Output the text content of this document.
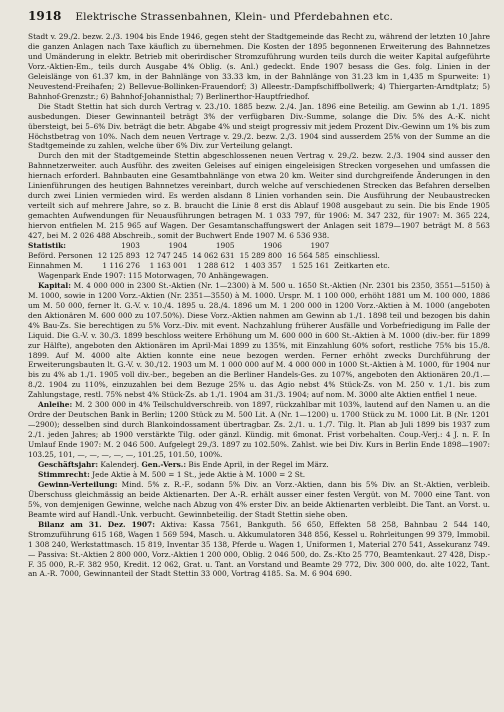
1918 Elektrische Strassenbahnen, Klein- und Pferdebahnen etc.

Stadt v. 29./2. bezw. 2./3. 1904 bis Ende 1946, gegen steht der Stadtgemeinde das Recht zu, während der letzten 10 Jahre die ganzen Anlagen nach Taxe käuflich zu übernehmen. Die Kosten der 1895 begonnenen Erweiterung des Bahnnetzes und Umänderung in elektr. Betrieb mit oberirdischer Stromzuführung wurden teils durch die weiter Kapital aufgeführte Vorz.-Aktien-Em., teils durch Ausgabe 4% Oblig. (s. Anl.) gedeckt. Ende 1907 besass die Ges. folg. Linien in der Geleislänge von 61.37 km, in der Bahnlänge von 33.33 km, in der Bahnlänge von 31.23 km in 1,435 m Spurweite: 1) Neuvestend-Freihafen; 2) Bellevue-Bollinken-Frauendorf; 3) Alleestr.-Dampfschiffbollwerk; 4) Thiergarten-Arndtplatz; 5) Bahnhof-Grenzstr.; 6) Bahnhof-Johannisthal; 7) Berlinerthor-Hauptfriedhof.

Die Stadt Stettin hat sich durch Vertrag v. 23./10. 1885 bezw. 2./4. Jan. 1896 eine Beteilig. am Gewinn ab 1./1. 1895 ausbedungen. Dieser Gewinnanteil beträgt 3% der verfügbaren Div.-Summe, solange die Div. 5% des A.-K. nicht übersteigt, bei 5–6% Div. beträgt die betr. Abgabe 4% und steigt progressiv mit jedem Prozent Div.-Gewinn um 1% bis zum Höchstbetrag von 10%. Nach dem neuen Vertrage v. 29./2. bezw. 2./3. 1904 sind ausserdem 25% von der Summe an die Stadtgemeinde zu zahlen, welche über 6% Div. zur Verteilung gelangt.

Durch den mit der Stadtgemeinde Stettin abgeschlossenen neuen Vertrag v. 29./2. bezw. 2./3. 1904 sind ausser den Bahnnetzerweiter. auch Ausführ. des zweiten Geleises auf einigen eingeleisigen Strecken vorgesehen und umfassen die hiernach erforderl. Bahnbauten eine Gesamtbahnlänge von etwa 20 km. Weiter sind durchgreifende Änderungen in den Linienführungen des heutigen Bahnnetzes vereinbart, durch welche auf verschiedenen Strecken das Befahren derselben durch zwei Linien vermieden wird. Es werden alsdann 8 Linien vorhanden sein. Die Ausführung der Neubaustrecken verteilt sich auf mehrere Jahre, so z. B. braucht die Linie 8 erst dis Ablauf 1908 ausgebaut zu sein. Die bis Ende 1905 gemachten Aufwendungen für Neuausführungen betragen M. 1 033 797, für 1906: M. 347 232, für 1907: M. 365 224, hiervon entfielen M. 215 965 auf Wagen. Der Gesamtanschaffungswert der Anlagen seit 1879—1907 beträgt M. 8 563 427, bei M. 2 026 488 Abschreib., somit der Buchwert Ende 1907 M. 6 536 938.

Statistik:	1903	1904	1905	1906	1907	
Beförd. Personen	12 125 893	12 747 245	14 062 631	15 289 800	16 564 585	einschliessl.
Einnahmen M.	1 116 276	1 163 001	1 288 612	1 403 357	1 525 161	Zeitkarten etc.

Wagenpark Ende 1907: 115 Motorwagen, 70 Anhängewagen.

Kapital: M. 4 000 000 in 2300 St.-Aktien (Nr. 1—2300) à M. 500 u. 1650 St.-Aktien (Nr. 2301 bis 2350, 3551—5150) à M. 1000, sowie in 1200 Vorz.-Aktien (Nr. 2351—3550) à M. 1000. Urspr. M. 1 100 000, erhöht 1881 um M. 100 000, 1886 um M. 50 000, ferner lt. G.-V. v. 10./4. 1895 u. 28./4. 1896 um M. 1 200 000 in 1200 Vorz.-Aktien à M. 1000 (angeboten den Aktionären M. 600 000 zu 107.50%). Diese Vorz.-Aktien nahmen am Gewinn ab 1./1. 1898 teil und bezogen bis dahin 4% Bau-Zs. Sie berechtigen zu 5% Vorz.-Div. mit event. Nachzahlung früherer Ausfälle und Vorbefriedigung im Falle der Liquid. Die G.-V. v. 30./3. 1899 beschloss weitere Erhöhung um M. 600 000 in 600 St.-Aktien à M. 1000 (div.-ber. für 1899 zur Hälfte), angeboten den Aktionären im April-Mai 1899 zu 135%, mit Einzahlung 60% sofort, restliche 75% bis 15./8. 1899. Auf M. 4000 alte Aktien konnte eine neue bezogen werden. Ferner erhöht zwecks Durchführung der Erweiterungsbauten lt. G.-V. v. 30./12. 1903 um M. 1 000 000 auf M. 4 000 000 in 1000 St.-Aktien à M. 1000, für 1904 nur bis zu 4% ab 1./1. 1905 voll div.-ber., begeben an die Berliner Handels-Ges. zu 107%, angeboten den Aktionären 20./1.—8./2. 1904 zu 110%, einzuzahlen bei dem Bezuge 25% u. das Agio nebst 4% Stück-Zs. von M. 250 v. 1./1. bis zum Zahlungstage, restl. 75% nebst 4% Stück-Zs. ab 1./1. 1904 am 31./3. 1904; auf nom. M. 3000 alte Aktien entfiel 1 neue.

Anleihe: M. 2 300 000 in 4% Teilschuldverschreib. von 1897, rückzahlbar mit 103%, lautend auf den Namen u. an die Ordre der Deutschen Bank in Berlin; 1200 Stück zu M. 500 Lit. A (Nr. 1—1200) u. 1700 Stück zu M. 1000 Lit. B (Nr. 1201—2900); desselben sind durch Blankoindossament übertragbar. Zs. 2./1. u. 1./7. Tilg. lt. Plan ab Juli 1899 bis 1937 zum 2./1. jeden Jahres; ab 1900 verstärkte Tilg. oder gänzl. Kündig. mit 6monat. Frist vorbehalten. Coup.-Verj.: 4 J. n. F. In Umlauf Ende 1907: M. 2 046 500. Aufgelegt 29./3. 1897 zu 102.50%. Zahlst. wie bei Div. Kurs in Berlin Ende 1898—1907: 103.25, 101, —, —, —, —, —, 101.25, 101.50, 100%.

Geschäftsjahr: Kalenderj. Gen.-Vers.: Bis Ende April, in der Regel im März.

Stimmrecht: Jede Aktie à M. 500 = 1 St., jede Aktie à M. 1000 = 2 St.

Gewinn-Verteilung: Mind. 5% z. R.-F., sodann 5% Div. an Vorz.-Aktien, dann bis 5% Div. an St.-Aktien, verbleib. Überschuss gleichmässig an beide Aktienarten. Der A.-R. erhält ausser einer festen Vergüt. von M. 7000 eine Tant. von 5%, von demjenigen Gewinne, welche nach Abzug von 4% erster Div. an beide Aktienarten verbleibt. Die Tant. an Vorst. u. Beamte wird auf Handl.-Unk. verbucht. Gewinnbeteilig. der Stadt Stettin siehe oben.

Bilanz am 31. Dez. 1907: Aktiva: Kassa 7561, Bankguth. 56 650, Effekten 58 258, Bahnbau 2 544 140, Stromzuführung 615 168, Wagen 1 569 594, Masch. u. Akkumulatoren 348 856, Kessel u. Rohrleitungen 99 379, Immobil. 1 308 240, Werkstattmasch. 15 819, Inventar 35 138, Pferde u. Wagen 1, Uniformen 1, Material 270 541, Assekuranz 749. — Passiva: St.-Aktien 2 800 000, Vorz.-Aktien 1 200 000, Oblig. 2 046 500, do. Zs.-Kto 25 770, Beamtenkaut. 27 428, Disp.-F. 35 000, R.-F. 382 950, Kredit. 12 062, Grat. u. Tant. an Vorstand und Beamte 29 772, Div. 300 000, do. alte 1022, Tant. an A.-R. 7000, Gewinnanteil der Stadt Stettin 33 000, Vortrag 4185. Sa. M. 6 904 690.
